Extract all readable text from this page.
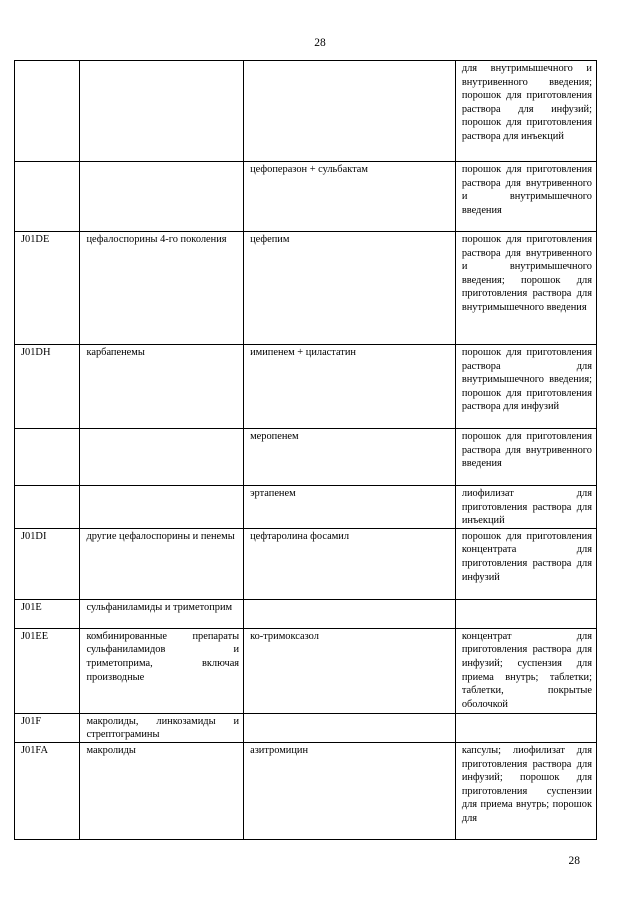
28
			для внутримышечного и внутривенного введения; порошок для приготовления раствора для инфузий; порошок для приготовления раствора для инъекций
		цефоперазон + сульбактам	порошок для приготовления раствора для внутривенного и внутримышечного введения
J01DE	цефалоспорины 4-го поколения	цефепим	порошок для приготовления раствора для внутривенного и внутримышечного введения; порошок для приготовления раствора для внутримышечного введения
J01DH	карбапенемы	имипенем + циластатин	порошок для приготовления раствора для внутримышечного введения; порошок для приготовления раствора для инфузий
		меропенем	порошок для приготовления раствора для внутривенного введения
		эртапенем	лиофилизат для приготовления раствора для инъекций
J01DI	другие цефалоспорины и пенемы	цефтаролина фосамил	порошок для приготовления концентрата для приготовления раствора для инфузий
J01E	сульфаниламиды и триметоприм		
J01EE	комбинированные препараты сульфаниламидов и триметоприма, включая производные	ко-тримоксазол	концентрат для приготовления раствора для инфузий; суспензия для приема внутрь; таблетки; таблетки, покрытые оболочкой
J01F	макролиды, линкозамиды и стрептограмины		
J01FA	макролиды	азитромицин	капсулы; лиофилизат для приготовления раствора для инфузий; порошок для приготовления суспензии для приема внутрь; порошок для
28
